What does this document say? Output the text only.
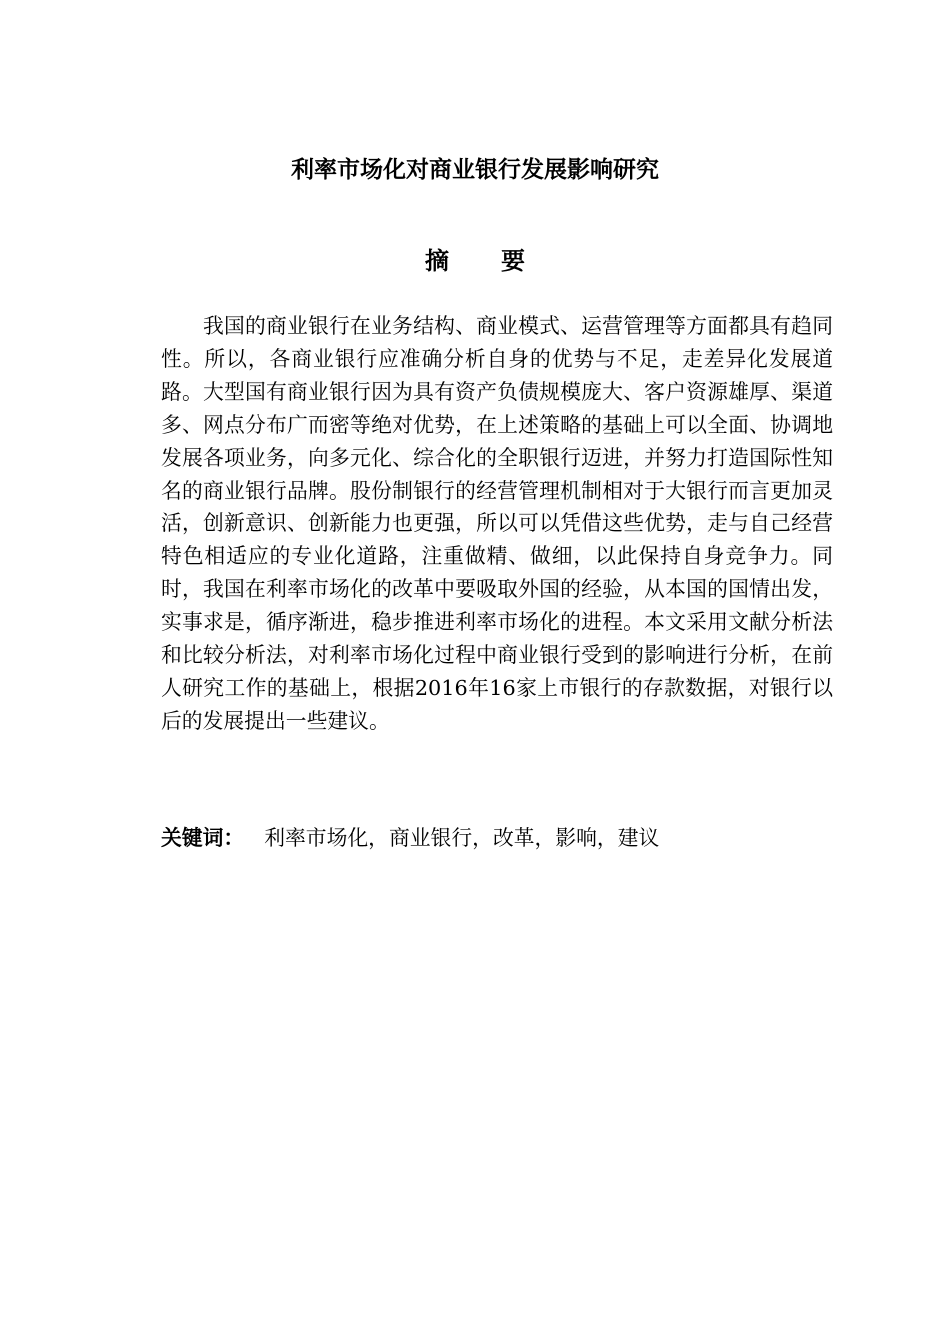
利率市场化对商业银行发展影响研究
摘 要

我国的商业银行在业务结构、商业模式、运营管理等方面都具有趋同性。所以，各商业银行应准确分析自身的优势与不足，走差异化发展道路。大型国有商业银行因为具有资产负债规模庞大、客户资源雄厚、渠道多、网点分布广而密等绝对优势，在上述策略的基础上可以全面、协调地发展各项业务，向多元化、综合化的全职银行迈进，并努力打造国际性知名的商业银行品牌。股份制银行的经营管理机制相对于大银行而言更加灵活，创新意识、创新能力也更强，所以可以凭借这些优势，走与自己经营特色相适应的专业化道路，注重做精、做细，以此保持自身竞争力。同时，我国在利率市场化的改革中要吸取外国的经验，从本国的国情出发，实事求是，循序渐进，稳步推进利率市场化的进程。本文采用文献分析法和比较分析法，对利率市场化过程中商业银行受到的影响进行分析，在前人研究工作的基础上，根据2016年16家上市银行的存款数据，对银行以后的发展提出一些建议。

关键词： 利率市场化，商业银行，改革，影响，建议
